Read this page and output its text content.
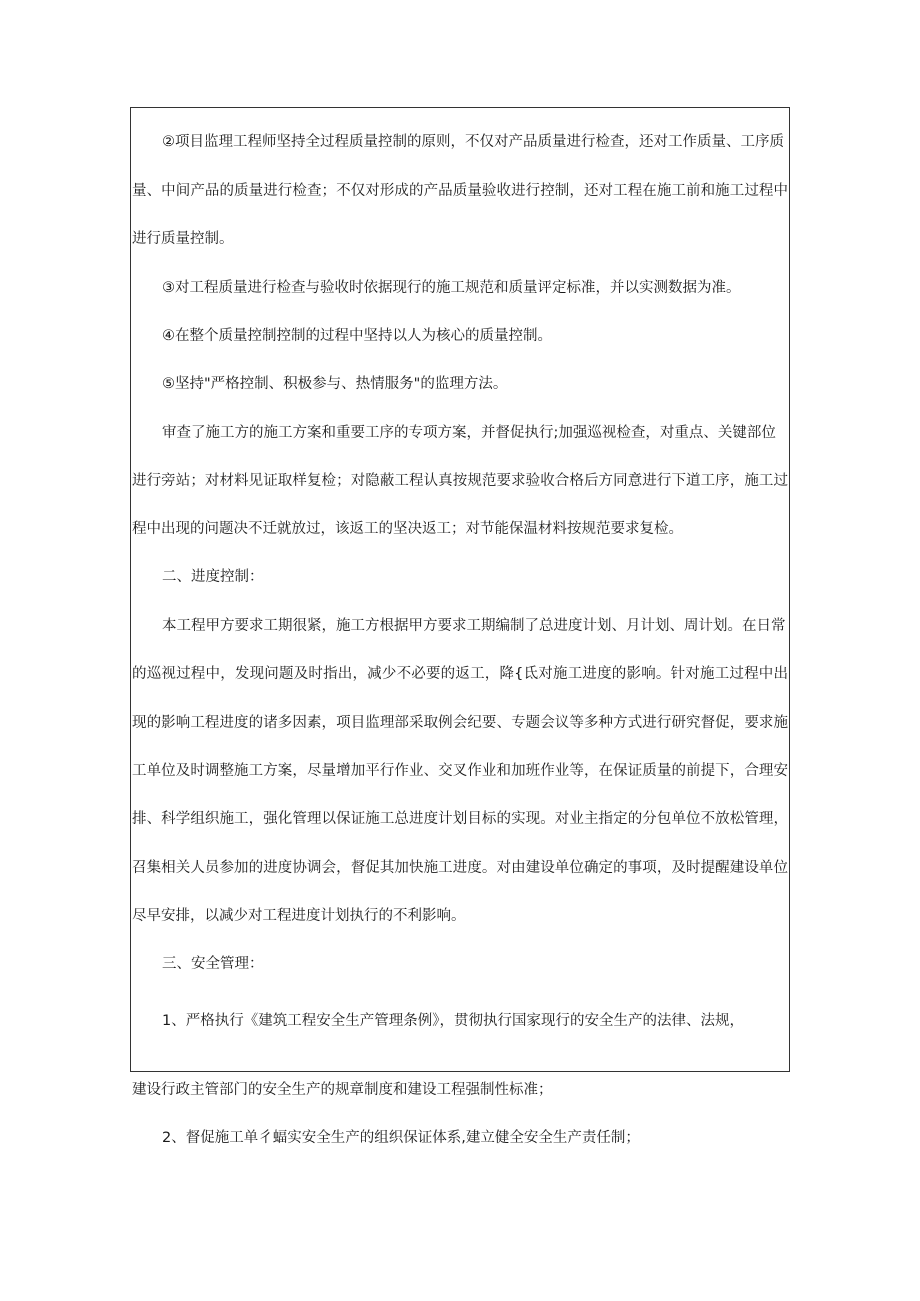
②项目监理工程师坚持全过程质量控制的原则，不仅对产品质量进行检查，还对工作质量、工序质

量、中间产品的质量进行检查；不仅对形成的产品质量验收进行控制，还对工程在施工前和施工过程中

进行质量控制。

③对工程质量进行检查与验收时依据现行的施工规范和质量评定标准，并以实测数据为准。

④在整个质量控制控制的过程中坚持以人为核心的质量控制。

⑤坚持"严格控制、积极参与、热情服务"的监理方法。

审查了施工方的施工方案和重要工序的专项方案，并督促执行;加强巡视检查，对重点、关键部位

进行旁站；对材料见证取样复检；对隐蔽工程认真按规范要求验收合格后方同意进行下道工序，施工过

程中出现的问题决不迁就放过，该返工的坚决返工；对节能保温材料按规范要求复检。

二、进度控制：

本工程甲方要求工期很紧，施工方根据甲方要求工期编制了总进度计划、月计划、周计划。在日常

的巡视过程中，发现问题及时指出，减少不必要的返工，降{氐对施工进度的影响。针对施工过程中出

现的影响工程进度的诸多因素，项目监理部采取例会纪要、专题会议等多种方式进行研究督促，要求施

工单位及时调整施工方案，尽量增加平行作业、交叉作业和加班作业等，在保证质量的前提下，合理安

排、科学组织施工，强化管理以保证施工总进度计划目标的实现。对业主指定的分包单位不放松管理，

召集相关人员参加的进度协调会，督促其加快施工进度。对由建设单位确定的事项，及时提醒建设单位

尽早安排，以减少对工程进度计划执行的不利影响。

三、安全管理：

1、严格执行《建筑工程安全生产管理条例》，贯彻执行国家现行的安全生产的法律、法规，

建设行政主管部门的安全生产的规章制度和建设工程强制性标准；

2、督促施工单彳蝠实安全生产的组织保证体系,建立健全安全生产责任制；
